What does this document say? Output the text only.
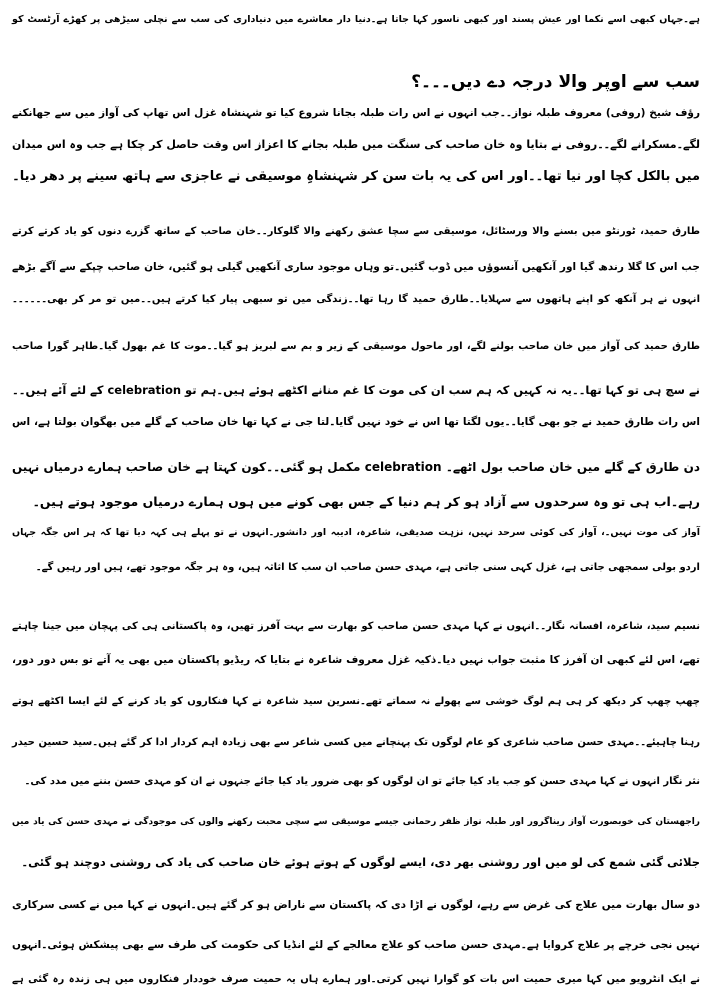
ہے۔جہاں کبھی اسے نکما اور عیش پسند اور کبھی ناسور کہا جاتا ہے۔دنیا دار معاشرے میں دنیاداری کی سب سے نچلی سیڑھی پر کھڑے آرٹسٹ کو
سب سے اوپر والا درجہ دے دیں۔۔۔؟
رؤف شیخ (روفی) معروف طبلہ نواز۔۔جب انہوں نے اس رات طبلہ بجانا شروع کیا تو شہنشاہ غزل اس تھاپ کی آواز میں سے جھانکنے
لگے۔مسکرانے لگے۔۔روفی نے بتایا وہ خان صاحب کی سنگت میں طبلہ بجانے کا اعزاز اس وقت حاصل کر چکا ہے جب وہ اس میدان
میں بالکل کچا اور نیا تھا۔۔اور اس کی یہ بات سن کر شہنشاہِ موسیقی نے عاجزی سے ہاتھ سینے پر دھر دیا۔
طارق حمید، ٹورنٹو میں بسنے والا ورسٹائل، موسیقی سے سچا عشق رکھنے والا گلوکار۔۔خان صاحب کے ساتھ گزرے دنوں کو یاد کرتے کرتے
جب اس کا گلا رندھ گیا اور آنکھیں آنسوؤں میں ڈوب گئیں۔تو وہاں موجود ساری آنکھیں گیلی ہو گئیں، خان صاحب چپکے سے آگے بڑھے
انہوں نے ہر آنکھ کو اپنے ہاتھوں سے سہلایا۔۔طارق حمید گا رہا تھا۔۔زندگی میں تو سبھی پیار کیا کرتے ہیں۔۔میں تو مر کر بھی۔۔۔۔۔۔
طارق حمید کی آواز میں خان صاحب بولنے لگے، اور ماحول موسیقی کے زیر و بم سے لبریز ہو گیا۔۔موت کا غم بھول گیا۔طاہر گورا صاحب
نے سچ ہی تو کہا تھا۔۔یہ نہ کہیں کہ ہم سب ان کی موت کا غم منانے اکٹھے ہوئے ہیں۔ہم تو celebration کے لئے آئے ہیں۔۔
اس رات طارق حمید نے جو بھی گایا۔۔یوں لگتا تھا اس نے خود نہیں گایا۔لتا جی نے کہا تھا خان صاحب کے گلے میں بھگوان بولتا ہے، اس
دن طارق کے گلے میں خان صاحب بول اٹھے۔ celebration مکمل ہو گئی۔۔کون کہتا ہے خان صاحب ہمارے درمیاں نہیں
رہے۔اب ہی تو وہ سرحدوں سے آزاد ہو کر ہم دنیا کے جس بھی کونے میں ہوں ہمارے درمیاں موجود ہوتے ہیں۔
آواز کی موت نہیں۔، آواز کی کوئی سرحد نہیں، نزہت صدیقی، شاعرہ، ادیبہ اور دانشور۔انہوں نے تو پہلے ہی کہہ دیا تھا کہ ہر اس جگہ جہاں
اردو بولی سمجھی جاتی ہے، غزل کہی سنی جاتی ہے، مہدی حسن صاحب ان سب کا اثاثہ ہیں، وہ ہر جگہ موجود تھے، ہیں اور رہیں گے۔
نسیم سید، شاعرہ، افسانہ نگار۔۔انہوں نے کہا مہدی حسن صاحب کو بھارت سے بہت آفرز تھیں، وہ پاکستانی ہی کی پہچان میں جینا چاہتے
تھے، اس لئے کبھی ان آفرز کا مثبت جواب نہیں دیا۔ذکیہ غزل معروف شاعرہ نے بتایا کہ ریڈیو پاکستان میں بھی یہ آتے تو بس دور دور،
چھپ چھپ کر دیکھ کر ہی ہم لوگ خوشی سے پھولے نہ سماتے تھے۔نسرین سید شاعرہ نے کہا فنکاروں کو یاد کرنے کے لئے ایسا اکٹھے ہوتے
رہنا چاہیئے۔۔مہدی حسن صاحب شاعری کو عام لوگوں تک پہنچانے میں کسی شاعر سے بھی زیادہ اہم کردار ادا کر گئے ہیں۔سید حسین حیدر
نثر نگار انہوں نے کہا مہدی حسن کو جب یاد کیا جائے تو ان لوگوں کو بھی ضرور یاد کیا جائے جنہوں نے ان کو مہدی حسن بننے میں مدد کی۔
راجھستان کی خوبصورت آواز ریناگرور اور طبلہ نواز ظفر رحمانی جیسے موسیقی سے سچی محبت رکھنے والوں کی موجودگی نے مہدی حسن کی یاد میں
جلائی گئی شمع کی لو میں اور روشنی بھر دی، ایسے لوگوں کے ہوتے ہوئے خان صاحب کی یاد کی روشنی دوچند ہو گئی۔
دو سال بھارت میں علاج کی غرض سے رہے، لوگوں نے اڑا دی کہ پاکستان سے ناراض ہو کر گئے ہیں۔انہوں نے کہا میں نے کسی سرکاری
نہیں نجی خرچے پر علاج کروایا ہے۔مہدی حسن صاحب کو علاج معالجے کے لئے انڈیا کی حکومت کی طرف سے بھی پیشکش ہوئی۔انہوں
نے ایک انٹرویو میں کہا میری حمیت اس بات کو گوارا نہیں کرتی۔اور ہمارے ہاں یہ حمیت صرف خوددار فنکاروں میں ہی زندہ رہ گئی ہے
